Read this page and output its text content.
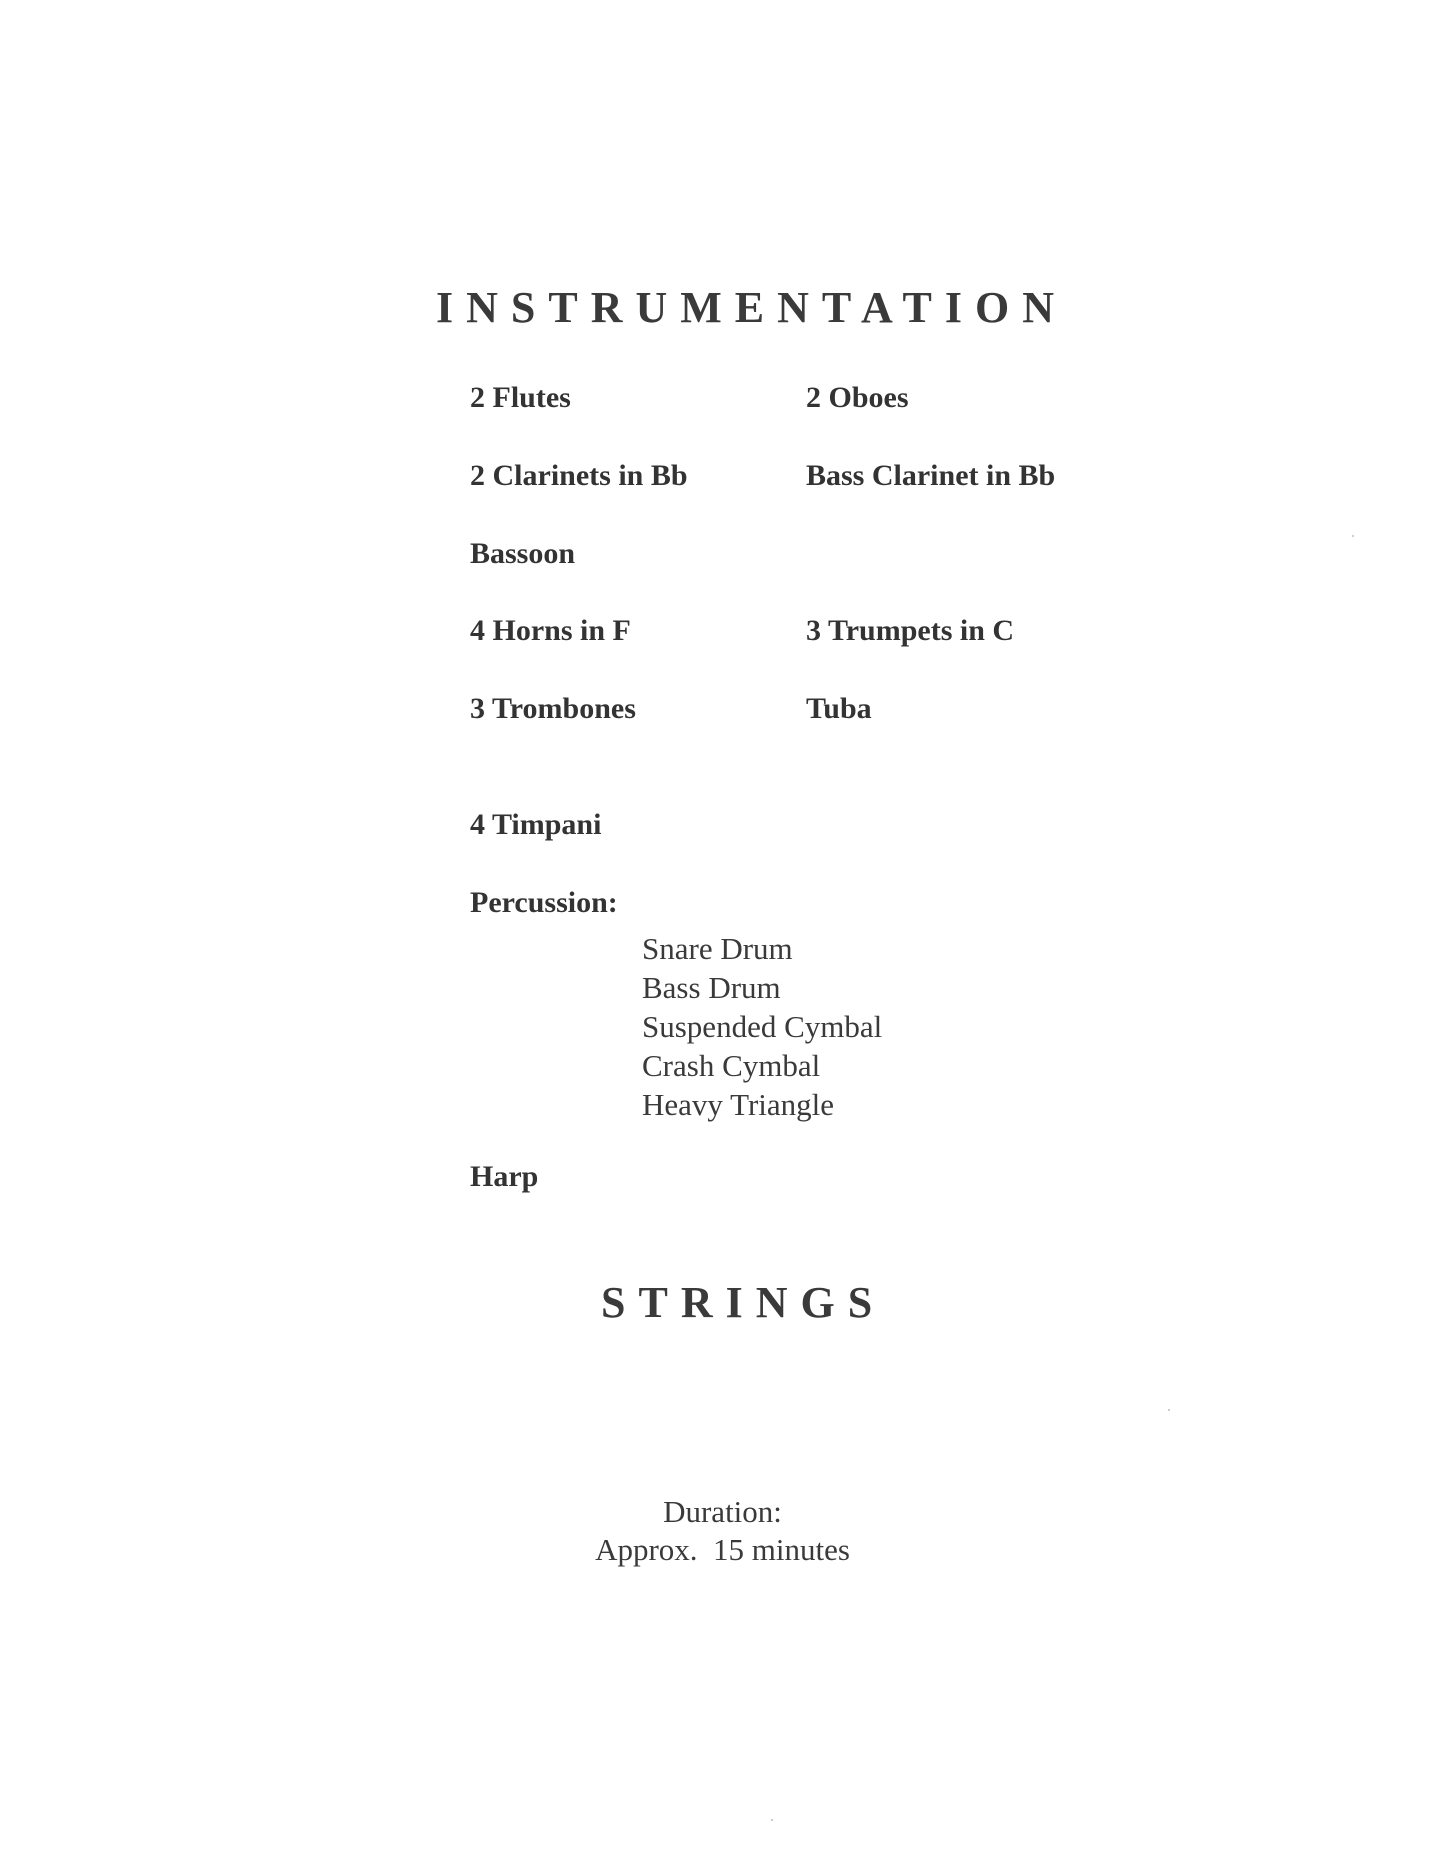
INSTRUMENTATION
2 Flutes	2 Oboes
2 Clarinets in Bb	Bass Clarinet in Bb
Bassoon
4 Horns in F	3 Trumpets in C
3 Trombones	Tuba
4 Timpani
Percussion:
Snare Drum
Bass Drum
Suspended Cymbal
Crash Cymbal
Heavy Triangle
Harp
STRINGS
Duration:
Approx.  15 minutes
